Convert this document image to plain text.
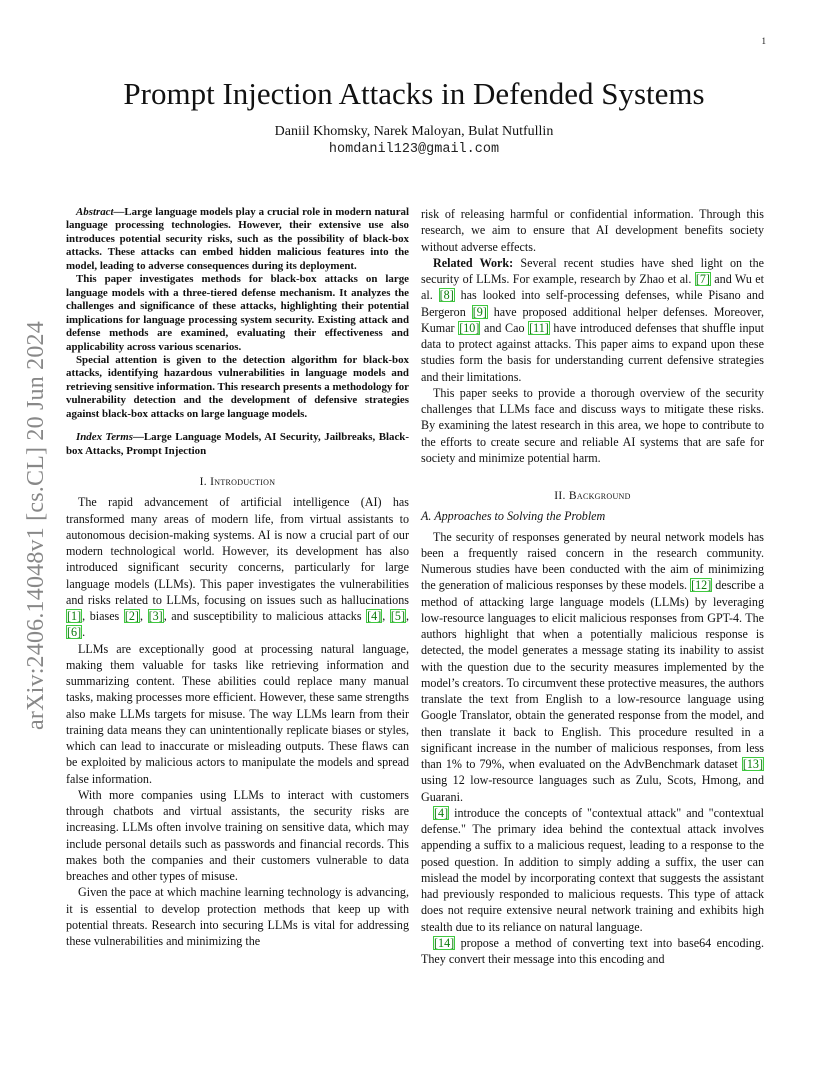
1
arXiv:2406.14048v1 [cs.CL] 20 Jun 2024
Prompt Injection Attacks in Defended Systems
Daniil Khomsky, Narek Maloyan, Bulat Nutfullin
homdanil123@gmail.com

Abstract—Large language models play a crucial role in modern natural language processing technologies. However, their extensive use also introduces potential security risks, such as the possibility of black-box attacks. These attacks can embed hidden malicious features into the model, leading to adverse consequences during its deployment.

This paper investigates methods for black-box attacks on large language models with a three-tiered defense mechanism. It analyzes the challenges and significance of these attacks, highlighting their potential implications for language processing system security. Existing attack and defense methods are examined, evaluating their effectiveness and applicability across various scenarios.

Special attention is given to the detection algorithm for black-box attacks, identifying hazardous vulnerabilities in language models and retrieving sensitive information. This research presents a methodology for vulnerability detection and the development of defensive strategies against black-box attacks on large language models.

Index Terms—Large Language Models, AI Security, Jailbreaks, Black-box Attacks, Prompt Injection
I. Introduction

The rapid advancement of artificial intelligence (AI) has transformed many areas of modern life, from virtual assistants to autonomous decision-making systems. AI is now a crucial part of our modern technological world. However, its development has also introduced significant security concerns, particularly for large language models (LLMs). This paper investigates the vulnerabilities and risks related to LLMs, focusing on issues such as hallucinations [1], biases [2], [3], and susceptibility to malicious attacks [4], [5], [6].

LLMs are exceptionally good at processing natural language, making them valuable for tasks like retrieving information and summarizing content. These abilities could replace many manual tasks, making processes more efficient. However, these same strengths also make LLMs targets for misuse. The way LLMs learn from their training data means they can unintentionally replicate biases or styles, which can lead to inaccurate or misleading outputs. These flaws can be exploited by malicious actors to manipulate the models and spread false information.

With more companies using LLMs to interact with customers through chatbots and virtual assistants, the security risks are increasing. LLMs often involve training on sensitive data, which may include personal details such as passwords and financial records. This makes both the companies and their customers vulnerable to data breaches and other types of misuse.

Given the pace at which machine learning technology is advancing, it is essential to develop protection methods that keep up with potential threats. Research into securing LLMs is vital for addressing these vulnerabilities and minimizing the

risk of releasing harmful or confidential information. Through this research, we aim to ensure that AI development benefits society without adverse effects.

Related Work: Several recent studies have shed light on the security of LLMs. For example, research by Zhao et al. [7] and Wu et al. [8] has looked into self-processing defenses, while Pisano and Bergeron [9] have proposed additional helper defenses. Moreover, Kumar [10] and Cao [11] have introduced defenses that shuffle input data to protect against attacks. This paper aims to expand upon these studies form the basis for understanding current defensive strategies and their limitations.

This paper seeks to provide a thorough overview of the security challenges that LLMs face and discuss ways to mitigate these risks. By examining the latest research in this area, we hope to contribute to the efforts to create secure and reliable AI systems that are safe for society and minimize potential harm.

II. Background
A. Approaches to Solving the Problem

The security of responses generated by neural network models has been a frequently raised concern in the research community. Numerous studies have been conducted with the aim of minimizing the generation of malicious responses by these models. [12] describe a method of attacking large language models (LLMs) by leveraging low-resource languages to elicit malicious responses from GPT-4. The authors highlight that when a potentially malicious response is detected, the model generates a message stating its inability to assist with the question due to the security measures implemented by the model’s creators. To circumvent these protective measures, the authors translate the text from English to a low-resource language using Google Translator, obtain the generated response from the model, and then translate it back to English. This procedure resulted in a significant increase in the number of malicious responses, from less than 1% to 79%, when evaluated on the AdvBenchmark dataset [13] using 12 low-resource languages such as Zulu, Scots, Hmong, and Guarani.

[4] introduce the concepts of "contextual attack" and "contextual defense." The primary idea behind the contextual attack involves appending a suffix to a malicious request, leading to a response to the posed question. In addition to simply adding a suffix, the user can mislead the model by incorporating context that suggests the assistant had previously responded to malicious requests. This type of attack does not require extensive neural network training and exhibits high stealth due to its reliance on natural language.

[14] propose a method of converting text into base64 encoding. They convert their message into this encoding and
